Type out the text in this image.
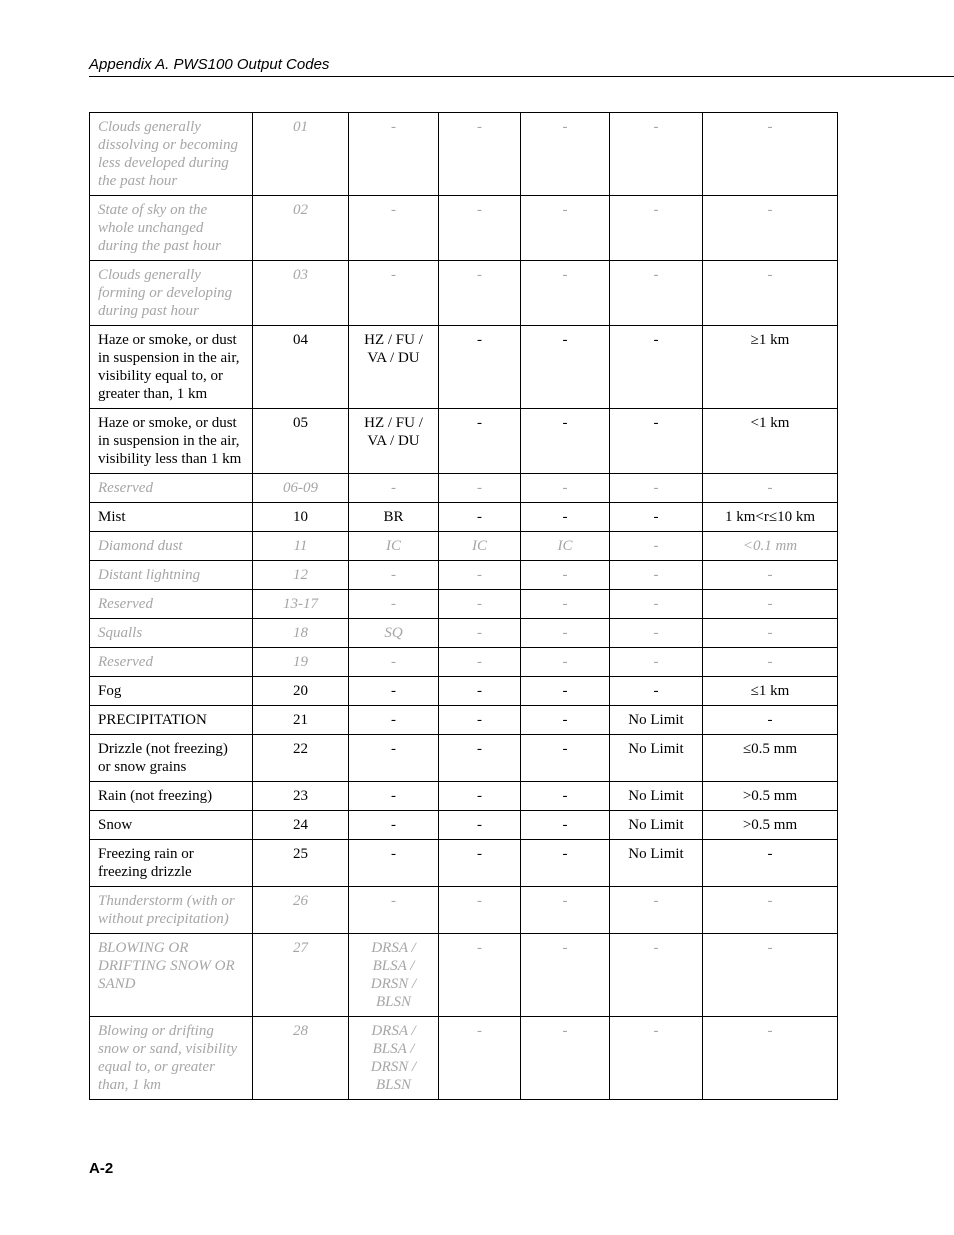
Appendix A. PWS100 Output Codes
Clouds generally dissolving or becoming less developed during the past hour	01	-	-	-	-	-
State of sky on the whole unchanged during the past hour	02	-	-	-	-	-
Clouds generally forming or developing during past hour	03	-	-	-	-	-
Haze or smoke, or dust in suspension in the air, visibility equal to, or greater than, 1 km	04	HZ / FU / VA / DU	-	-	-	≥1 km
Haze or smoke, or dust in suspension in the air, visibility less than 1 km	05	HZ / FU / VA / DU	-	-	-	<1 km
Reserved	06-09	-	-	-	-	-
Mist	10	BR	-	-	-	1 km<r≤10 km
Diamond dust	11	IC	IC	IC	-	<0.1 mm
Distant lightning	12	-	-	-	-	-
Reserved	13-17	-	-	-	-	-
Squalls	18	SQ	-	-	-	-
Reserved	19	-	-	-	-	-
Fog	20	-	-	-	-	≤1 km
PRECIPITATION	21	-	-	-	No Limit	-
Drizzle (not freezing) or snow grains	22	-	-	-	No Limit	≤0.5 mm
Rain (not freezing)	23	-	-	-	No Limit	>0.5 mm
Snow	24	-	-	-	No Limit	>0.5 mm
Freezing rain or freezing drizzle	25	-	-	-	No Limit	-
Thunderstorm (with or without precipitation)	26	-	-	-	-	-
BLOWING OR DRIFTING SNOW OR SAND	27	DRSA / BLSA / DRSN / BLSN	-	-	-	-
Blowing or drifting snow or sand, visibility equal to, or greater than, 1 km	28	DRSA / BLSA / DRSN / BLSN	-	-	-	-
A-2
